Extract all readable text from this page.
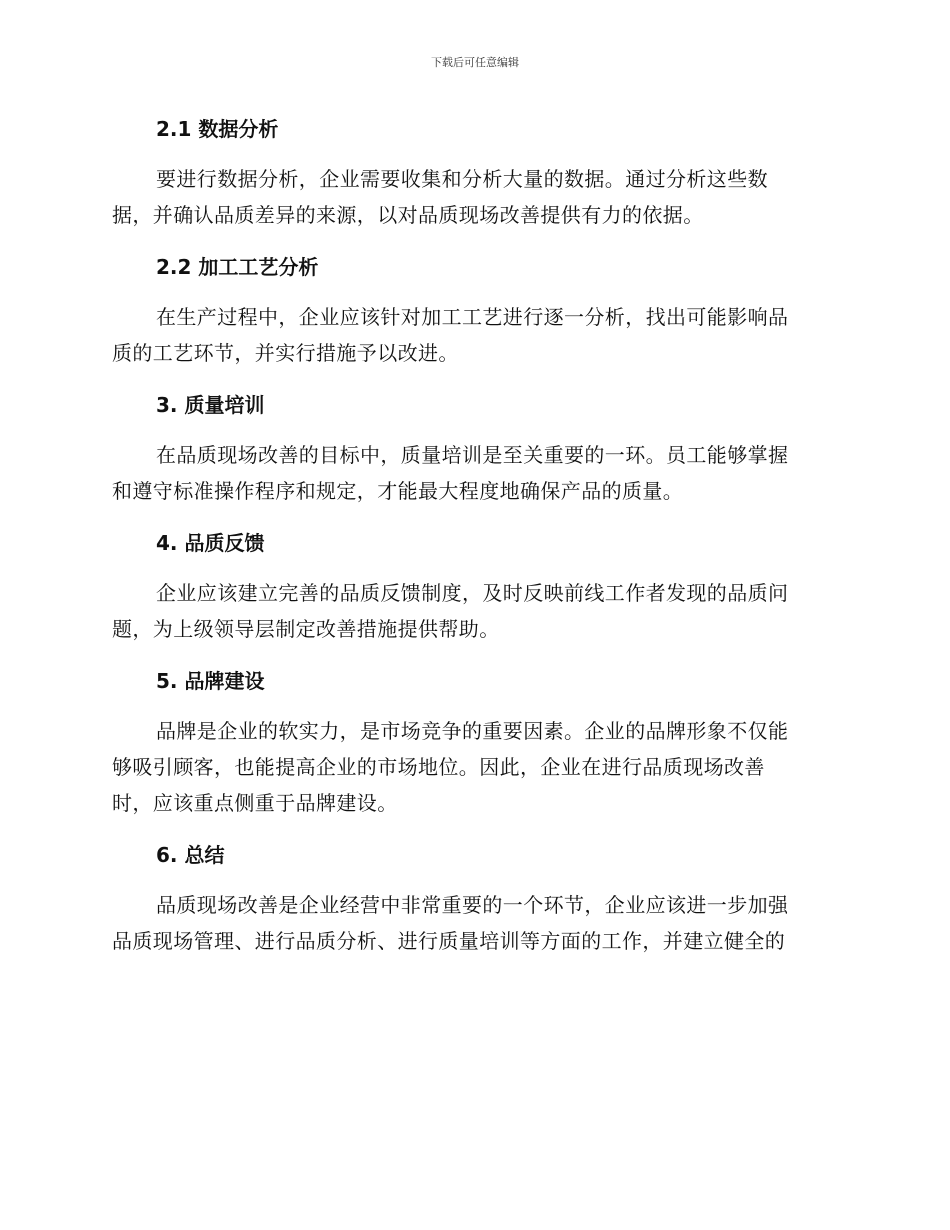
下载后可任意编辑
2.1 数据分析
要进行数据分析，企业需要收集和分析大量的数据。通过分析这些数
据，并确认品质差异的来源，以对品质现场改善提供有力的依据。
2.2 加工工艺分析
在生产过程中，企业应该针对加工工艺进行逐一分析，找出可能影响品
质的工艺环节，并实行措施予以改进。
3. 质量培训
在品质现场改善的目标中，质量培训是至关重要的一环。员工能够掌握
和遵守标准操作程序和规定，才能最大程度地确保产品的质量。
4. 品质反馈
企业应该建立完善的品质反馈制度，及时反映前线工作者发现的品质问
题，为上级领导层制定改善措施提供帮助。
5. 品牌建设
品牌是企业的软实力，是市场竞争的重要因素。企业的品牌形象不仅能
够吸引顾客，也能提高企业的市场地位。因此，企业在进行品质现场改善
时，应该重点侧重于品牌建设。
6. 总结
品质现场改善是企业经营中非常重要的一个环节，企业应该进一步加强
品质现场管理、进行品质分析、进行质量培训等方面的工作，并建立健全的
